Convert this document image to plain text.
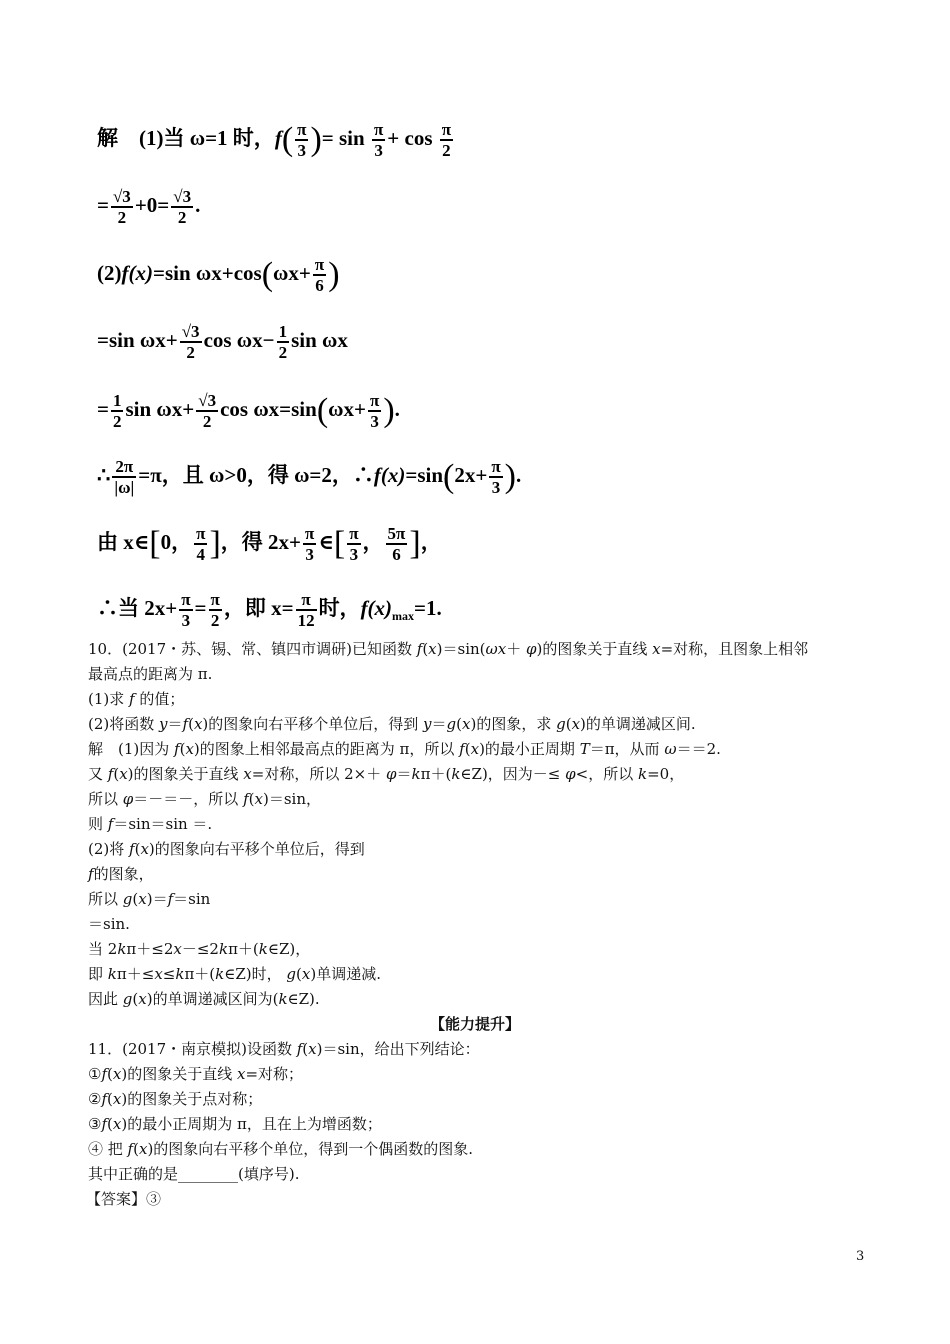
解　(1)当 ω=1 时，$f( \frac{\pi}{3}$ )= $\sin \frac{\pi}{3} + \cos \frac{\pi}{2}$
= $\frac{√3}{2} +0= \frac{√3}{2}$ .
(2)f(x)=sin $\omega x+\cos(\omega x+ \frac{\pi}{6}$ )
=sin $\omega x+ \frac{√3}{2}$ $\cos \omega x- \frac{1}{2}$ sin ωx
= $\frac{1}{2}$ $\sin \omega x+ \frac{√3}{2}$ $\cos \omega x=\sin(\omega x+ \frac{\pi}{3}$ ).
∴ $\frac{2\pi}{|\omega|} =\pi$，且 ω>0，得 ω=2，∴f(x)=sin(2x+ $\frac{\pi}{3}$ ).
由 x∈[0， $\frac{\pi}{4}$ ]，得 $2x+ \frac{\pi}{3}$ ∈[ $\frac{\pi}{3}$ ， $\frac{5\pi}{6}$ ]，
∴当 $2x+ \frac{\pi}{3} = \frac{\pi}{2}$ ，即 $x= \frac{\pi}{12}$ 时，$f(x)_{max}=1$.
10．(2017・苏、锡、常、镇四市调研)已知函数 f(x)＝sin(ωx＋ φ)的图象关于直线 x=对称，且图象上相邻
最高点的距离为 π.
(1)求 f 的值；
(2)将函数 y＝f(x)的图象向右平移个单位后，得到 y＝g(x)的图象，求 g(x)的单调递减区间.
解　(1)因为 f(x)的图象上相邻最高点的距离为 π，所以 f(x)的最小正周期 T＝π，从而 ω＝＝2.
又 f(x)的图象关于直线 x=对称，所以 2×＋ φ＝kπ＋(k∈Z)，因为－≤ φ<，所以 k=0，
所以 φ＝－＝－，所以 f(x)＝sin，
则 f＝sin＝sin ＝.
(2)将 f(x)的图象向右平移个单位后，得到
f的图象，
所以 g(x)＝f＝sin
＝sin.
当 2kπ＋≤2x－≤2kπ＋(k∈Z)，
即 kπ＋≤x≤kπ＋(k∈Z)时， g(x)单调递减.
因此 g(x)的单调递减区间为(k∈Z).
【能力提升】
11．(2017・南京模拟)设函数 f(x)＝sin，给出下列结论：
①f(x)的图象关于直线 x=对称；
②f(x)的图象关于点对称；
③f(x)的最小正周期为 π，且在上为增函数；
④ 把 f(x)的图象向右平移个单位，得到一个偶函数的图象.
其中正确的是________(填序号).
【答案】③
3
